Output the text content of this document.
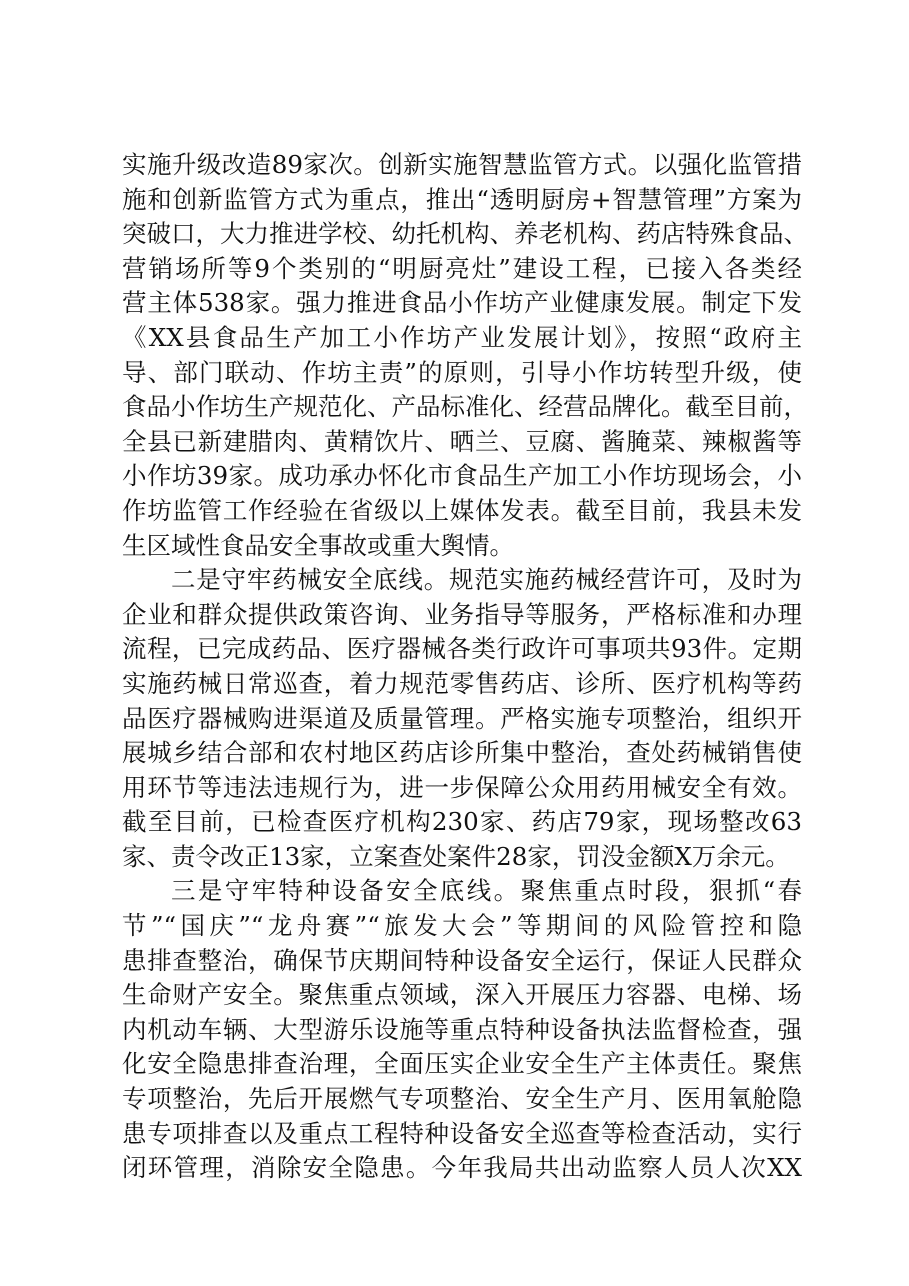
实施升级改造89家次。创新实施智慧监管方式。以强化监管措
施和创新监管方式为重点，推出“透明厨房+智慧管理”方案为
突破口，大力推进学校、幼托机构、养老机构、药店特殊食品、
营销场所等9个类别的“明厨亮灶”建设工程，已接入各类经
营主体538家。强力推进食品小作坊产业健康发展。制定下发
《XX县食品生产加工小作坊产业发展计划》，按照“政府主
导、部门联动、作坊主责”的原则，引导小作坊转型升级，使
食品小作坊生产规范化、产品标准化、经营品牌化。截至目前，
全县已新建腊肉、黄精饮片、晒兰、豆腐、酱腌菜、辣椒酱等
小作坊39家。成功承办怀化市食品生产加工小作坊现场会，小
作坊监管工作经验在省级以上媒体发表。截至目前，我县未发
生区域性食品安全事故或重大舆情。
二是守牢药械安全底线。规范实施药械经营许可，及时为
企业和群众提供政策咨询、业务指导等服务，严格标准和办理
流程，已完成药品、医疗器械各类行政许可事项共93件。定期
实施药械日常巡查，着力规范零售药店、诊所、医疗机构等药
品医疗器械购进渠道及质量管理。严格实施专项整治，组织开
展城乡结合部和农村地区药店诊所集中整治，查处药械销售使
用环节等违法违规行为，进一步保障公众用药用械安全有效。
截至目前，已检查医疗机构230家、药店79家，现场整改63
家、责令改正13家，立案查处案件28家，罚没金额X万余元。
三是守牢特种设备安全底线。聚焦重点时段，狠抓“春
节”“国庆”“龙舟赛”“旅发大会”等期间的风险管控和隐
患排查整治，确保节庆期间特种设备安全运行，保证人民群众
生命财产安全。聚焦重点领域，深入开展压力容器、电梯、场
内机动车辆、大型游乐设施等重点特种设备执法监督检查，强
化安全隐患排查治理，全面压实企业安全生产主体责任。聚焦
专项整治，先后开展燃气专项整治、安全生产月、医用氧舱隐
患专项排查以及重点工程特种设备安全巡查等检查活动，实行
闭环管理，消除安全隐患。今年我局共出动监察人员人次XX
